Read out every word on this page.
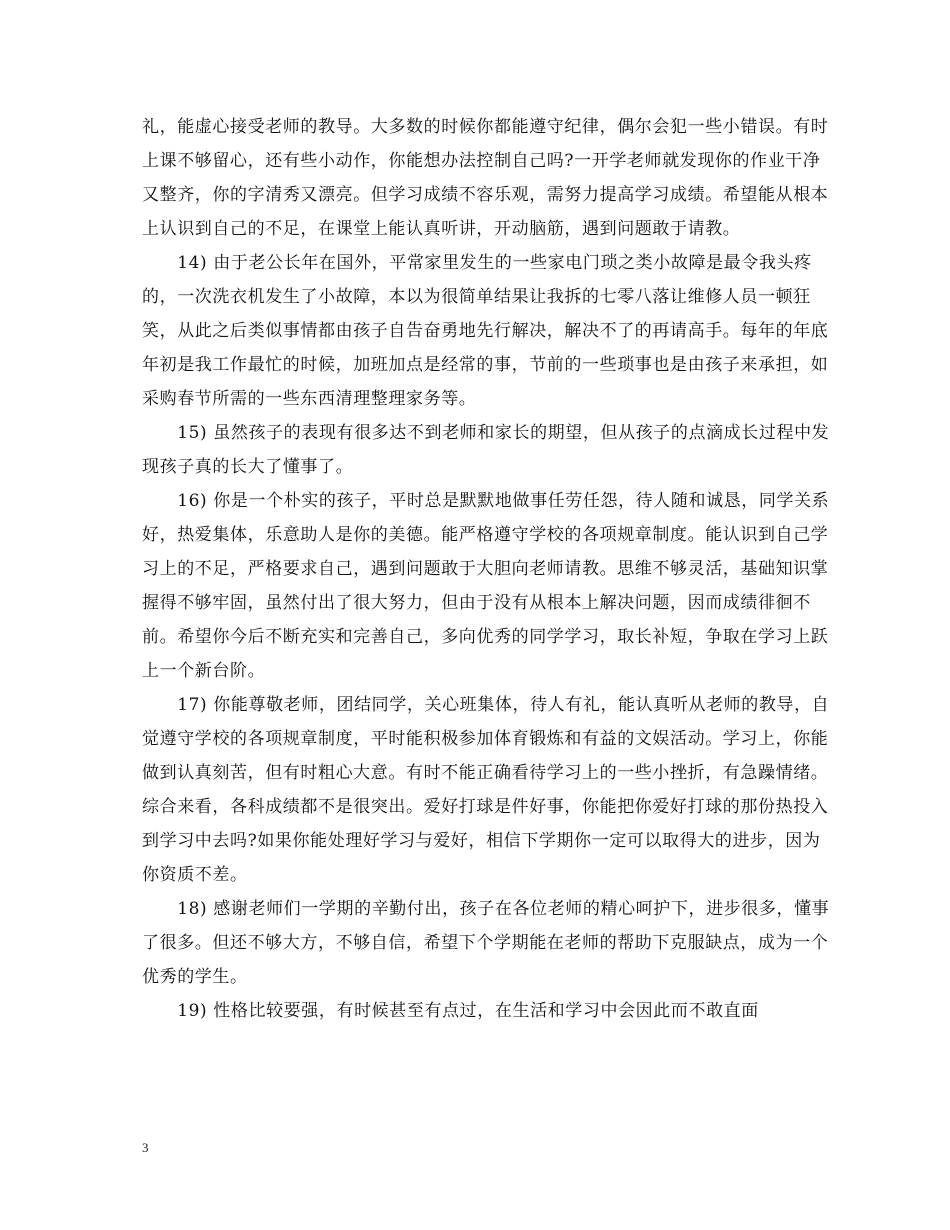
礼，能虚心接受老师的教导。大多数的时候你都能遵守纪律，偶尔会犯一些小错误。有时上课不够留心，还有些小动作，你能想办法控制自己吗?一开学老师就发现你的作业干净又整齐，你的字清秀又漂亮。但学习成绩不容乐观，需努力提高学习成绩。希望能从根本上认识到自己的不足，在课堂上能认真听讲，开动脑筋，遇到问题敢于请教。

　　14) 由于老公长年在国外，平常家里发生的一些家电门琐之类小故障是最令我头疼的，一次洗衣机发生了小故障，本以为很简单结果让我拆的七零八落让维修人员一顿狂笑，从此之后类似事情都由孩子自告奋勇地先行解决，解决不了的再请高手。每年的年底年初是我工作最忙的时候，加班加点是经常的事，节前的一些琐事也是由孩子来承担，如采购春节所需的一些东西清理整理家务等。

　　15) 虽然孩子的表现有很多达不到老师和家长的期望，但从孩子的点滴成长过程中发现孩子真的长大了懂事了。

　　16) 你是一个朴实的孩子，平时总是默默地做事任劳任怨，待人随和诚恳，同学关系好，热爱集体，乐意助人是你的美德。能严格遵守学校的各项规章制度。能认识到自己学习上的不足，严格要求自己，遇到问题敢于大胆向老师请教。思维不够灵活，基础知识掌握得不够牢固，虽然付出了很大努力，但由于没有从根本上解决问题，因而成绩徘徊不前。希望你今后不断充实和完善自己，多向优秀的同学学习，取长补短，争取在学习上跃上一个新台阶。

　　17) 你能尊敬老师，团结同学，关心班集体，待人有礼，能认真听从老师的教导，自觉遵守学校的各项规章制度，平时能积极参加体育锻炼和有益的文娱活动。学习上，你能做到认真刻苦，但有时粗心大意。有时不能正确看待学习上的一些小挫折，有急躁情绪。综合来看，各科成绩都不是很突出。爱好打球是件好事，你能把你爱好打球的那份热投入到学习中去吗?如果你能处理好学习与爱好，相信下学期你一定可以取得大的进步，因为你资质不差。

　　18) 感谢老师们一学期的辛勤付出，孩子在各位老师的精心呵护下，进步很多，懂事了很多。但还不够大方，不够自信，希望下个学期能在老师的帮助下克服缺点，成为一个优秀的学生。

　　19) 性格比较要强，有时候甚至有点过，在生活和学习中会因此而不敢直面

3
